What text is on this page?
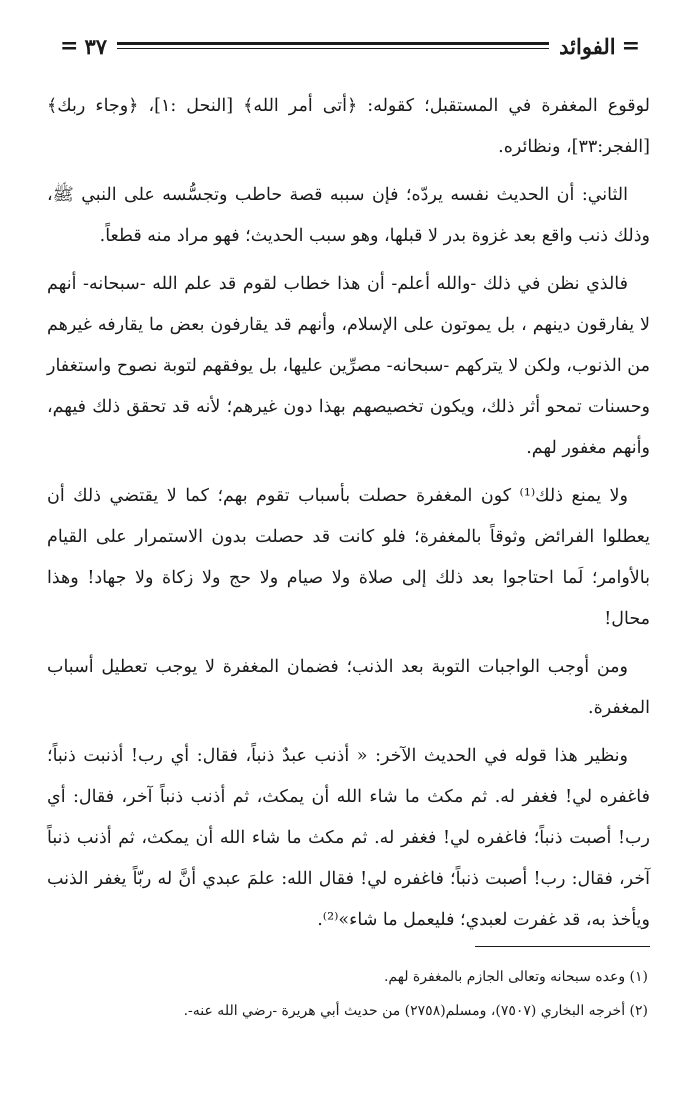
=
الفوائد
٣٧
=

لوقوع المغفرة في المستقبل؛ كقوله: ﴿أتى أمر الله﴾ [النحل :١]، ﴿وجاء ربك﴾ [الفجر:٣٣]، ونظائره.

الثاني: أن الحديث نفسه يردّه؛ فإن سببه قصة حاطب وتجسُّسه على النبي ﷺ، وذلك ذنب واقع بعد غزوة بدر لا قبلها، وهو سبب الحديث؛ فهو مراد منه قطعاً.

فالذي نظن في ذلك -والله أعلم- أن هذا خطاب لقوم قد علم الله -سبحانه- أنهم لا يفارقون دينهم ، بل يموتون على الإسلام، وأنهم قد يقارفون بعض ما يقارفه غيرهم من الذنوب، ولكن لا يتركهم -سبحانه- مصرِّين عليها، بل يوفقهم لتوبة نصوح واستغفار وحسنات تمحو أثر ذلك، ويكون تخصيصهم بهذا دون غيرهم؛ لأنه قد تحقق ذلك فيهم، وأنهم مغفور لهم.

ولا يمنع ذلك⁽¹⁾ كون المغفرة حصلت بأسباب تقوم بهم؛ كما لا يقتضي ذلك أن يعطلوا الفرائض وثوقاً بالمغفرة؛ فلو كانت قد حصلت بدون الاستمرار على القيام بالأوامر؛ لَما احتاجوا بعد ذلك إلى صلاة ولا صيام ولا حج ولا زكاة ولا جهاد! وهذا محال!

ومن أوجب الواجبات التوبة بعد الذنب؛ فضمان المغفرة لا يوجب تعطيل أسباب المغفرة.

ونظير هذا قوله في الحديث الآخر: « أذنب عبدٌ ذنباً، فقال: أي رب! أذنبت ذنباً؛ فاغفره لي! فغفر له. ثم مكث ما شاء الله أن يمكث، ثم أذنب ذنباً آخر، فقال: أي رب! أصبت ذنباً؛ فاغفره لي! فغفر له. ثم مكث ما شاء الله أن يمكث، ثم أذنب ذنباً آخر، فقال: رب! أصبت ذنباً؛ فاغفره لي! فقال الله: علمَ عبدي أنَّ له ربّاً يغفر الذنب ويأخذ به، قد غفرت لعبدي؛ فليعمل ما شاء»⁽²⁾.

(١) وعده سبحانه وتعالى الجازم بالمغفرة لهم.

(٢) أخرجه البخاري (٧٥٠٧)، ومسلم(٢٧٥٨) من حديث أبي هريرة -رضي الله عنه-.
